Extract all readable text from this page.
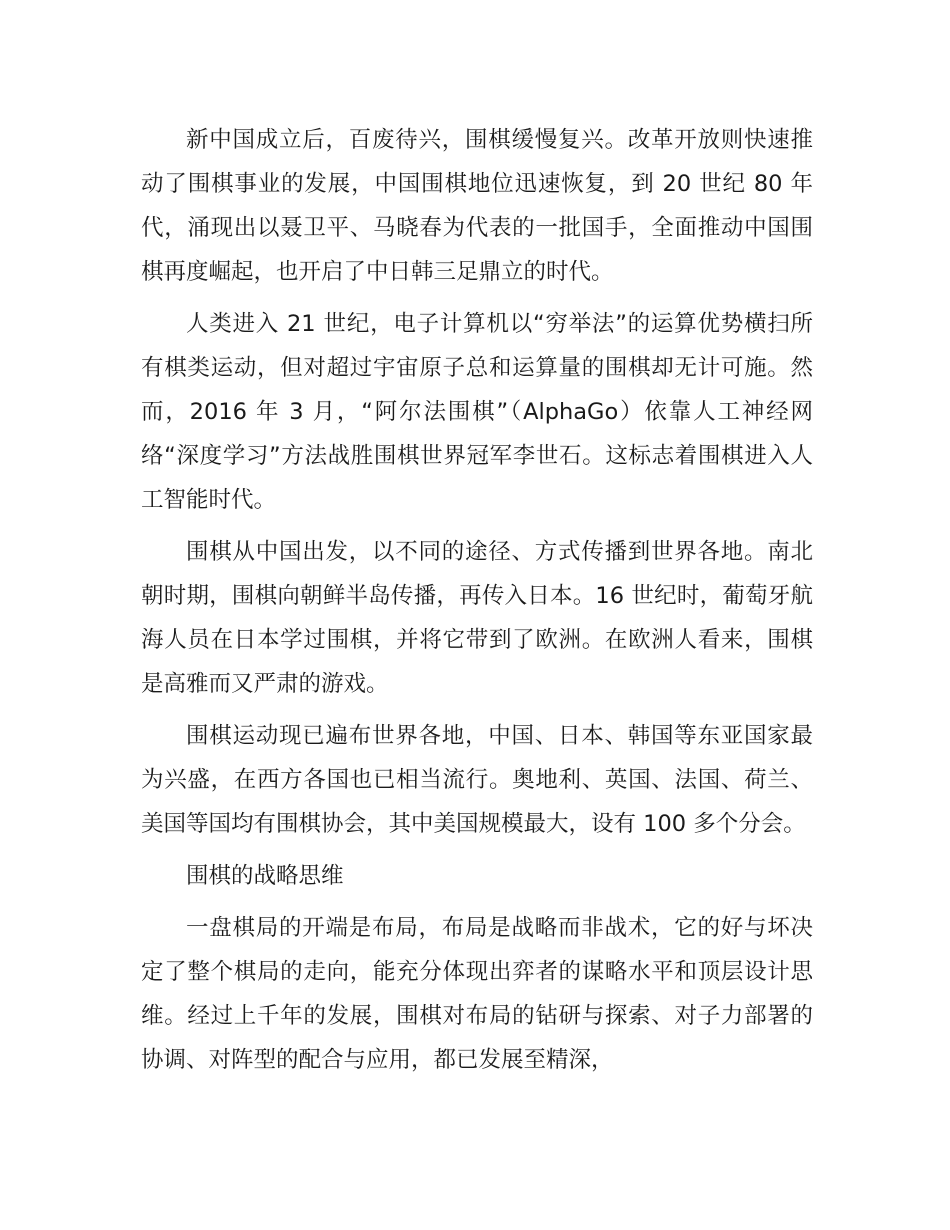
新中国成立后，百废待兴，围棋缓慢复兴。改革开放则快速推动了围棋事业的发展，中国围棋地位迅速恢复，到 20 世纪 80 年代，涌现出以聂卫平、马晓春为代表的一批国手，全面推动中国围棋再度崛起，也开启了中日韩三足鼎立的时代。

人类进入 21 世纪，电子计算机以“穷举法”的运算优势横扫所有棋类运动，但对超过宇宙原子总和运算量的围棋却无计可施。然而，2016 年 3 月，“阿尔法围棋”（AlphaGo）依靠人工神经网络“深度学习”方法战胜围棋世界冠军李世石。这标志着围棋进入人工智能时代。

围棋从中国出发，以不同的途径、方式传播到世界各地。南北朝时期，围棋向朝鲜半岛传播，再传入日本。16 世纪时，葡萄牙航海人员在日本学过围棋，并将它带到了欧洲。在欧洲人看来，围棋是高雅而又严肃的游戏。

围棋运动现已遍布世界各地，中国、日本、韩国等东亚国家最为兴盛，在西方各国也已相当流行。奥地利、英国、法国、荷兰、美国等国均有围棋协会，其中美国规模最大，设有 100 多个分会。

围棋的战略思维

一盘棋局的开端是布局，布局是战略而非战术，它的好与坏决定了整个棋局的走向，能充分体现出弈者的谋略水平和顶层设计思维。经过上千年的发展，围棋对布局的钻研与探索、对子力部署的协调、对阵型的配合与应用，都已发展至精深，
